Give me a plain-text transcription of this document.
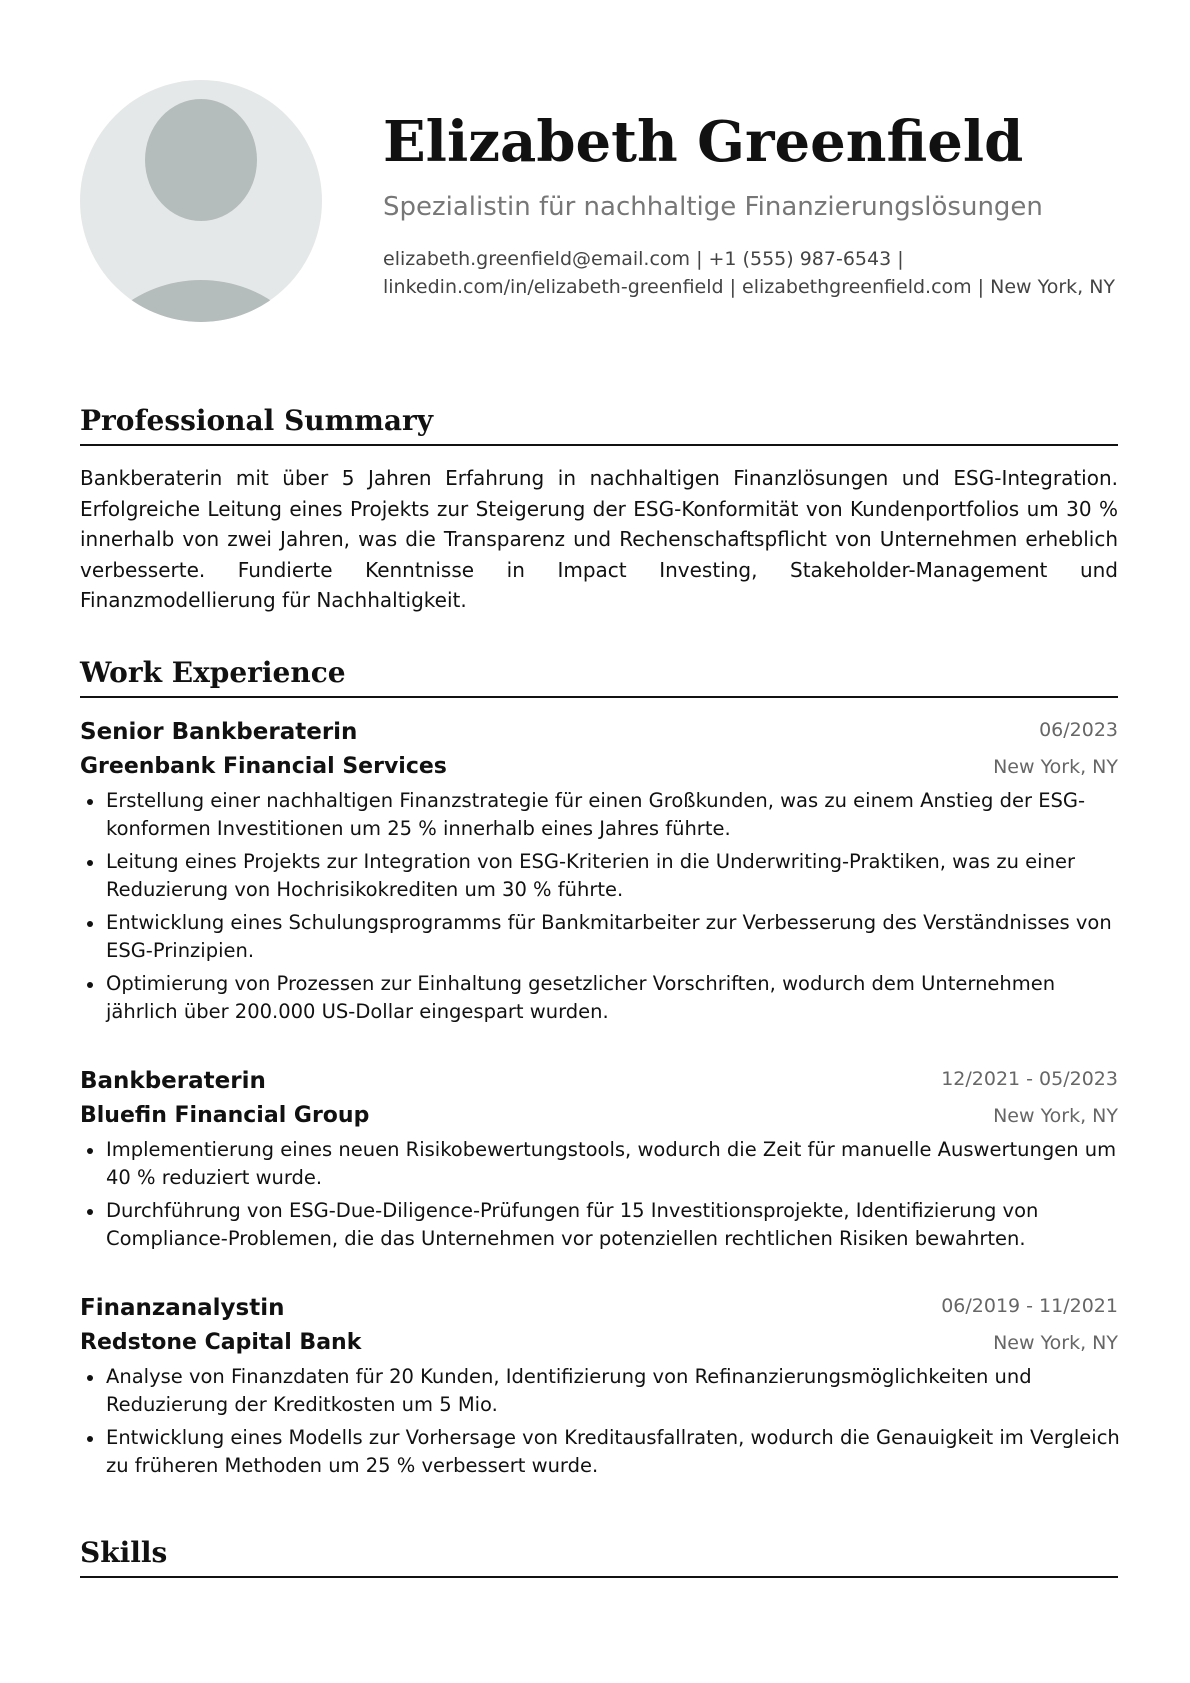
Elizabeth Greenfield
Spezialistin für nachhaltige Finanzierungslösungen
elizabeth.greenfield@email.com | +1 (555) 987-6543 |
linkedin.com/in/elizabeth-greenfield | elizabethgreenfield.com | New York, NY
Professional Summary

Bankberaterin mit über 5 Jahren Erfahrung in nachhaltigen Finanzlösungen und ESG-Integration. Erfolgreiche Leitung eines Projekts zur Steigerung der ESG-Konformität von Kundenportfolios um 30 % innerhalb von zwei Jahren, was die Transparenz und Rechenschaftspflicht von Unternehmen erheblich verbesserte. Fundierte Kenntnisse in Impact Investing, Stakeholder-Management und Finanzmodellierung für Nachhaltigkeit.

Work Experience
Senior Bankberaterin	06/2023
Greenbank Financial Services	New York, NY
Erstellung einer nachhaltigen Finanzstrategie für einen Großkunden, was zu einem Anstieg der ESG-konformen Investitionen um 25 % innerhalb eines Jahres führte.
Leitung eines Projekts zur Integration von ESG-Kriterien in die Underwriting-Praktiken, was zu einer Reduzierung von Hochrisikokrediten um 30 % führte.
Entwicklung eines Schulungsprogramms für Bankmitarbeiter zur Verbesserung des Verständnisses von ESG-Prinzipien.
Optimierung von Prozessen zur Einhaltung gesetzlicher Vorschriften, wodurch dem Unternehmen jährlich über 200.000 US-Dollar eingespart wurden.
Bankberaterin	12/2021 - 05/2023
Bluefin Financial Group	New York, NY
Implementierung eines neuen Risikobewertungstools, wodurch die Zeit für manuelle Auswertungen um 40 % reduziert wurde.
Durchführung von ESG-Due-Diligence-Prüfungen für 15 Investitionsprojekte, Identifizierung von Compliance-Problemen, die das Unternehmen vor potenziellen rechtlichen Risiken bewahrten.
Finanzanalystin	06/2019 - 11/2021
Redstone Capital Bank	New York, NY
Analyse von Finanzdaten für 20 Kunden, Identifizierung von Refinanzierungsmöglichkeiten und Reduzierung der Kreditkosten um 5 Mio.
Entwicklung eines Modells zur Vorhersage von Kreditausfallraten, wodurch die Genauigkeit im Vergleich zu früheren Methoden um 25 % verbessert wurde.
Skills
